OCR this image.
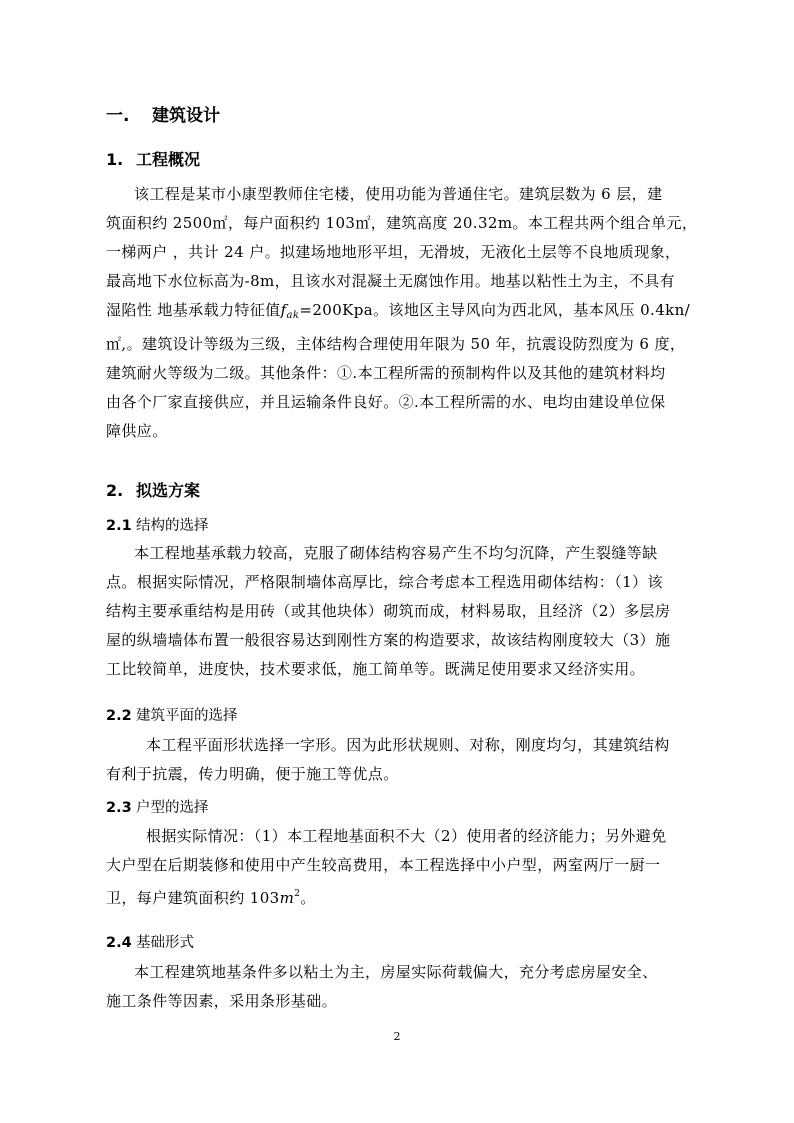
一. 建筑设计
1. 工程概况
该工程是某市小康型教师住宅楼，使用功能为普通住宅。建筑层数为 6 层，建
筑面积约 2500㎡，每户面积约 103㎡，建筑高度 20.32m。本工程共两个组合单元，
一梯两户 ，共计 24 户。拟建场地地形平坦，无滑坡，无液化土层等不良地质现象，
最高地下水位标高为-8m，且该水对混凝土无腐蚀作用。地基以粘性土为主，不具有
湿陷性 地基承载力特征值$f_{ak}=200Kpa$。该地区主导风向为西北风，基本风压 0.4kn/
㎡,。建筑设计等级为三级，主体结构合理使用年限为 50 年，抗震设防烈度为 6 度，
建筑耐火等级为二级。其他条件：①.本工程所需的预制构件以及其他的建筑材料均
由各个厂家直接供应，并且运输条件良好。②.本工程所需的水、电均由建设单位保
障供应。
2. 拟选方案
2.1 结构的选择
本工程地基承载力较高，克服了砌体结构容易产生不均匀沉降，产生裂缝等缺
点。根据实际情况，严格限制墙体高厚比，综合考虑本工程选用砌体结构：（1）该
结构主要承重结构是用砖（或其他块体）砌筑而成，材料易取，且经济（2）多层房
屋的纵墙墙体布置一般很容易达到刚性方案的构造要求，故该结构刚度较大（3）施
工比较简单，进度快，技术要求低，施工简单等。既满足使用要求又经济实用。
2.2 建筑平面的选择
本工程平面形状选择一字形。因为此形状规则、对称，刚度均匀，其建筑结构
有利于抗震，传力明确，便于施工等优点。
2.3 户型的选择
根据实际情况：（1）本工程地基面积不大（2）使用者的经济能力；另外避免
大户型在后期装修和使用中产生较高费用，本工程选择中小户型，两室两厅一厨一
卫，每户建筑面积约 $103m^2$。
2.4 基础形式
本工程建筑地基条件多以粘土为主，房屋实际荷载偏大，充分考虑房屋安全、
施工条件等因素，采用条形基础。
2
